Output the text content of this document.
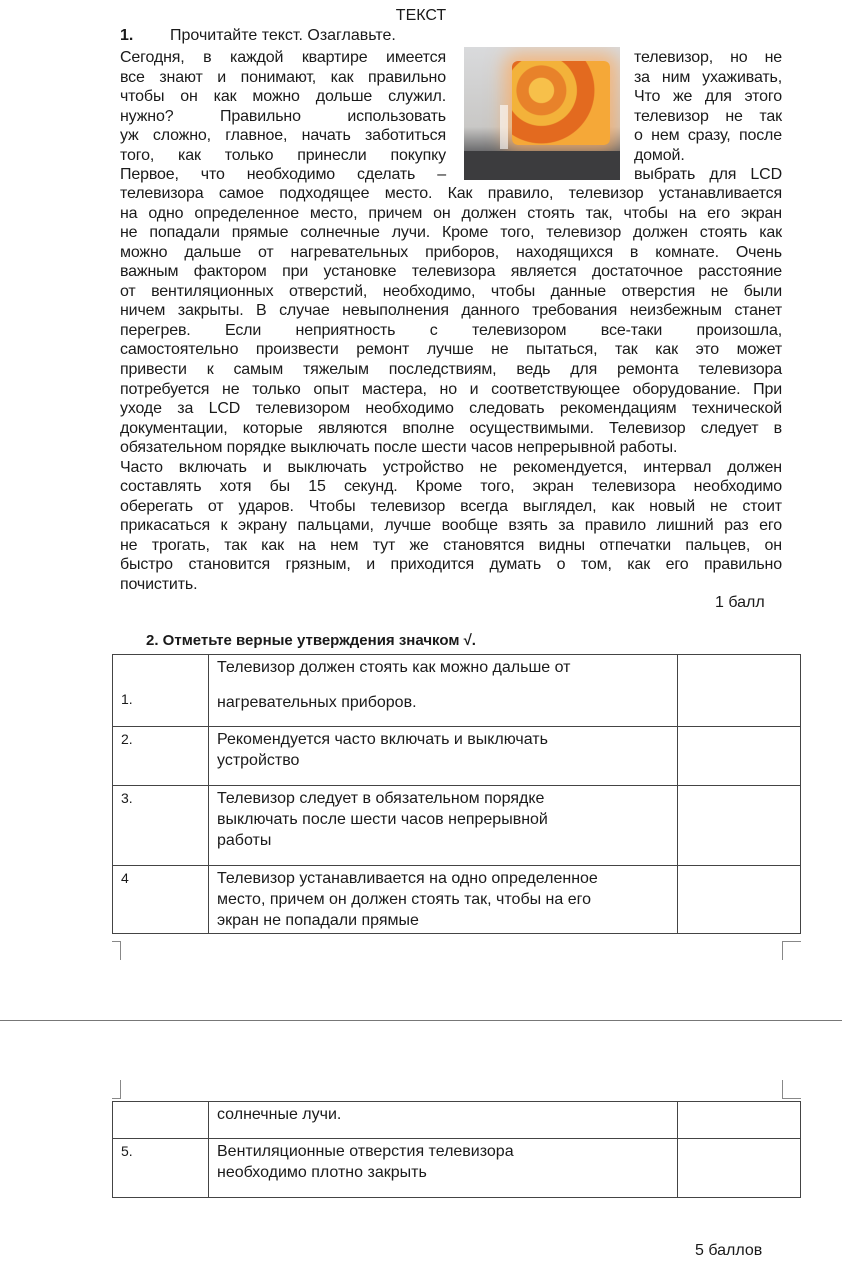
ТЕКСТ
1. Прочитайте текст. Озаглавьте.
Сегодня, в каждой квартире имеется
все знают и понимают, как правильно
чтобы он как можно дольше служил.
нужно? Правильно использовать
уж сложно, главное, начать заботиться
того, как только принесли покупку
Первое, что необходимо сделать –
телевизор, но не
за ним ухаживать,
Что же для этого
телевизор не так
о нем сразу, после
домой.
выбрать для LCD
телевизора самое подходящее место. Как правило, телевизор устанавливается
на одно определенное место, причем он должен стоять так, чтобы на его экран
не попадали прямые солнечные лучи. Кроме того, телевизор должен стоять как
можно дальше от нагревательных приборов, находящихся в комнате. Очень
важным фактором при установке телевизора является достаточное расстояние
от вентиляционных отверстий, необходимо, чтобы данные отверстия не были
ничем закрыты. В случае невыполнения данного требования неизбежным станет
перегрев. Если неприятность с телевизором все-таки произошла,
самостоятельно произвести ремонт лучше не пытаться, так как это может
привести к самым тяжелым последствиям, ведь для ремонта телевизора
потребуется не только опыт мастера, но и соответствующее оборудование. При
уходе за LCD телевизором необходимо следовать рекомендациям технической
документации, которые являются вполне осуществимыми. Телевизор следует в
обязательном порядке выключать после шести часов непрерывной работы.
Часто включать и выключать устройство не рекомендуется, интервал должен
составлять хотя бы 15 секунд. Кроме того, экран телевизора необходимо
оберегать от ударов. Чтобы телевизор всегда выглядел, как новый не стоит
прикасаться к экрану пальцами, лучше вообще взять за правило лишний раз его
не трогать, так как на нем тут же становятся видны отпечатки пальцев, он
быстро становится грязным, и приходится думать о том, как его правильно
почистить.
1 балл
2. Отметьте верные утверждения значком √.
1.	Телевизор должен стоять как можно дальше от
нагревательных приборов.	

2.	Рекомендуется часто включать и выключать устройство	
3.	Телевизор следует в обязательном порядке выключать после шести часов непрерывной работы	
4	Телевизор устанавливается на одно определенное место, причем он должен стоять так, чтобы на его экран не попадали прямые	
	солнечные лучи.	
5.	Вентиляционные отверстия телевизора необходимо плотно закрыть	
5 баллов
